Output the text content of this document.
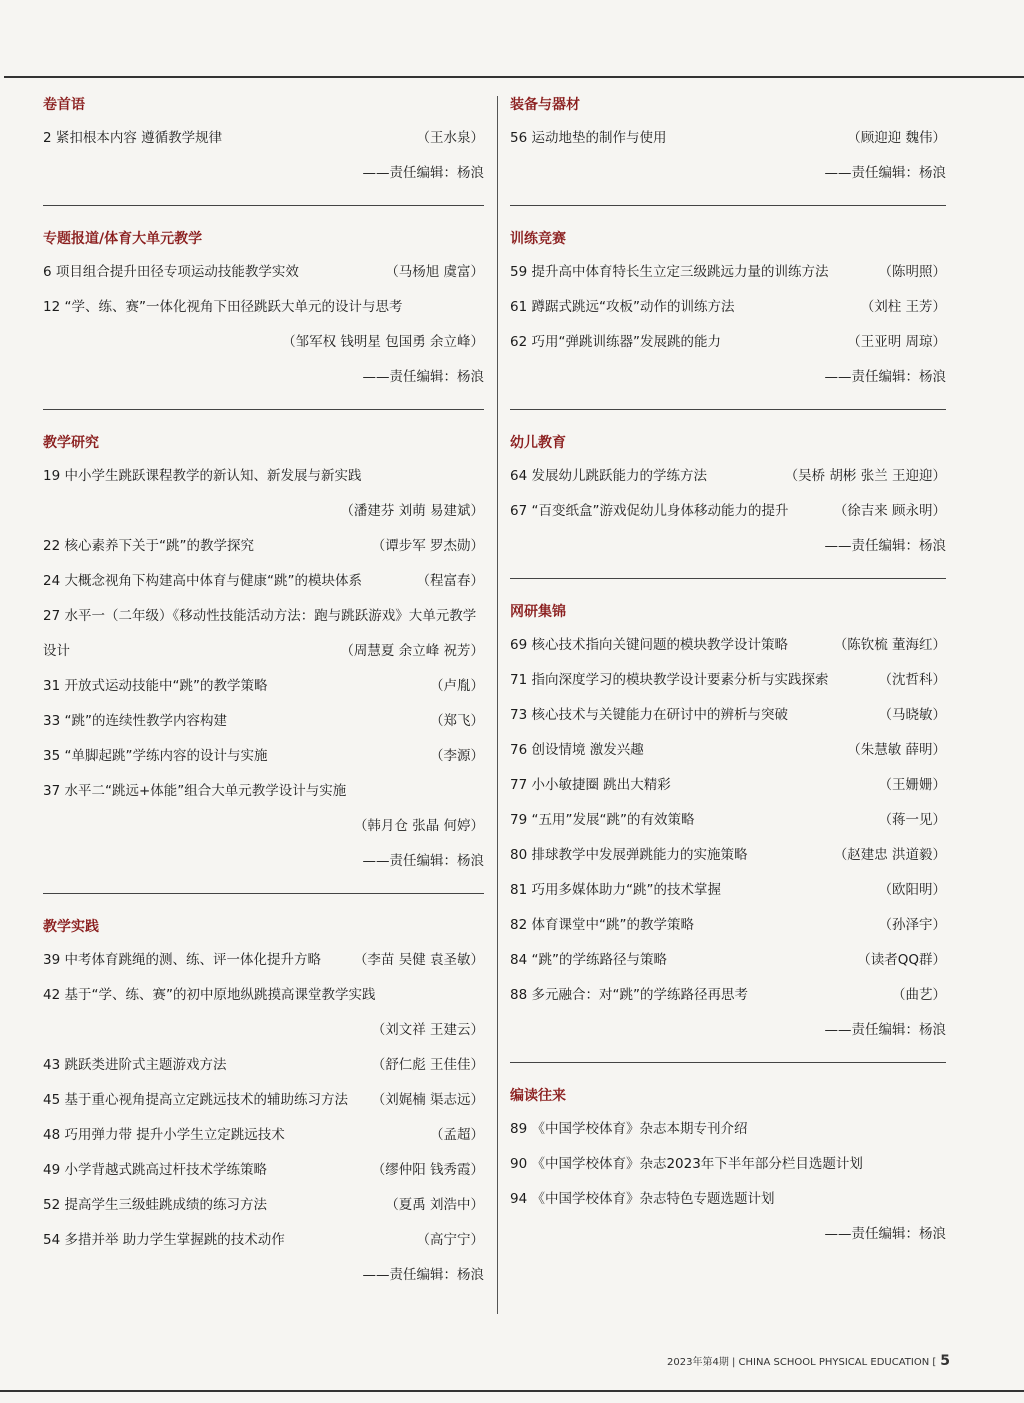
卷首语
2 紧扣根本内容 遵循教学规律	（王水泉）
——责任编辑：杨浪
专题报道/体育大单元教学
6 项目组合提升田径专项运动技能教学实效	（马杨旭 虞富）
12 “学、练、赛”一体化视角下田径跳跃大单元的设计与思考
（邹军权 钱明星 包国勇 余立峰）
——责任编辑：杨浪
教学研究
19 中小学生跳跃课程教学的新认知、新发展与新实践
（潘建芬 刘萌 易建斌）
22 核心素养下关于“跳”的教学探究	（谭步军 罗杰勋）
24 大概念视角下构建高中体育与健康“跳”的模块体系	（程富春）
27 水平一（二年级）《移动性技能活动方法：跑与跳跃游戏》大单元教学
设计	（周慧夏 余立峰 祝芳）
31 开放式运动技能中“跳”的教学策略	（卢胤）
33 “跳”的连续性教学内容构建	（郑飞）
35 “单脚起跳”学练内容的设计与实施	（李源）
37 水平二“跳远+体能”组合大单元教学设计与实施
（韩月仓 张晶 何婷）
——责任编辑：杨浪
教学实践
39 中考体育跳绳的测、练、评一体化提升方略 （李苗 吴健 袁圣敏）
42 基于“学、练、赛”的初中原地纵跳摸高课堂教学实践
（刘文祥 王建云）
43 跳跃类进阶式主题游戏方法	（舒仁彪 王佳佳）
45 基于重心视角提高立定跳远技术的辅助练习方法 （刘娓楠 渠志远）
48 巧用弹力带 提升小学生立定跳远技术	（孟超）
49 小学背越式跳高过杆技术学练策略	（缪仲阳 钱秀霞）
52 提高学生三级蛙跳成绩的练习方法	（夏禹 刘浩中）
54 多措并举 助力学生掌握跳的技术动作	（高宁宁）
——责任编辑：杨浪
装备与器材
56 运动地垫的制作与使用	（顾迎迎 魏伟）
——责任编辑：杨浪
训练竞赛
59 提升高中体育特长生立定三级跳远力量的训练方法	（陈明照）
61 蹲踞式跳远“攻板”动作的训练方法	（刘柱 王芳）
62 巧用“弹跳训练器”发展跳的能力	（王亚明 周琼）
——责任编辑：杨浪
幼儿教育
64 发展幼儿跳跃能力的学练方法	（吴桥 胡彬 张兰 王迎迎）
67 “百变纸盒”游戏促幼儿身体移动能力的提升	（徐吉来 顾永明）
——责任编辑：杨浪
网研集锦
69 核心技术指向关键问题的模块教学设计策略	（陈钦梳 董海红）
71 指向深度学习的模块教学设计要素分析与实践探索	（沈哲科）
73 核心技术与关键能力在研讨中的辨析与突破	（马晓敏）
76 创设情境 激发兴趣	（朱慧敏 薛明）
77 小小敏捷圈 跳出大精彩	（王姗姗）
79 “五用”发展“跳”的有效策略	（蒋一见）
80 排球教学中发展弹跳能力的实施策略	（赵建忠 洪道毅）
81 巧用多媒体助力“跳”的技术掌握	（欧阳明）
82 体育课堂中“跳”的教学策略	（孙泽宇）
84 “跳”的学练路径与策略	（读者QQ群）
88 多元融合：对“跳”的学练路径再思考	（曲艺）
——责任编辑：杨浪
编读往来
89 《中国学校体育》杂志本期专刊介绍
90 《中国学校体育》杂志2023年下半年部分栏目选题计划
94 《中国学校体育》杂志特色专题选题计划
——责任编辑：杨浪
2023年第4期 | CHINA SCHOOL PHYSICAL EDUCATION [ 5
